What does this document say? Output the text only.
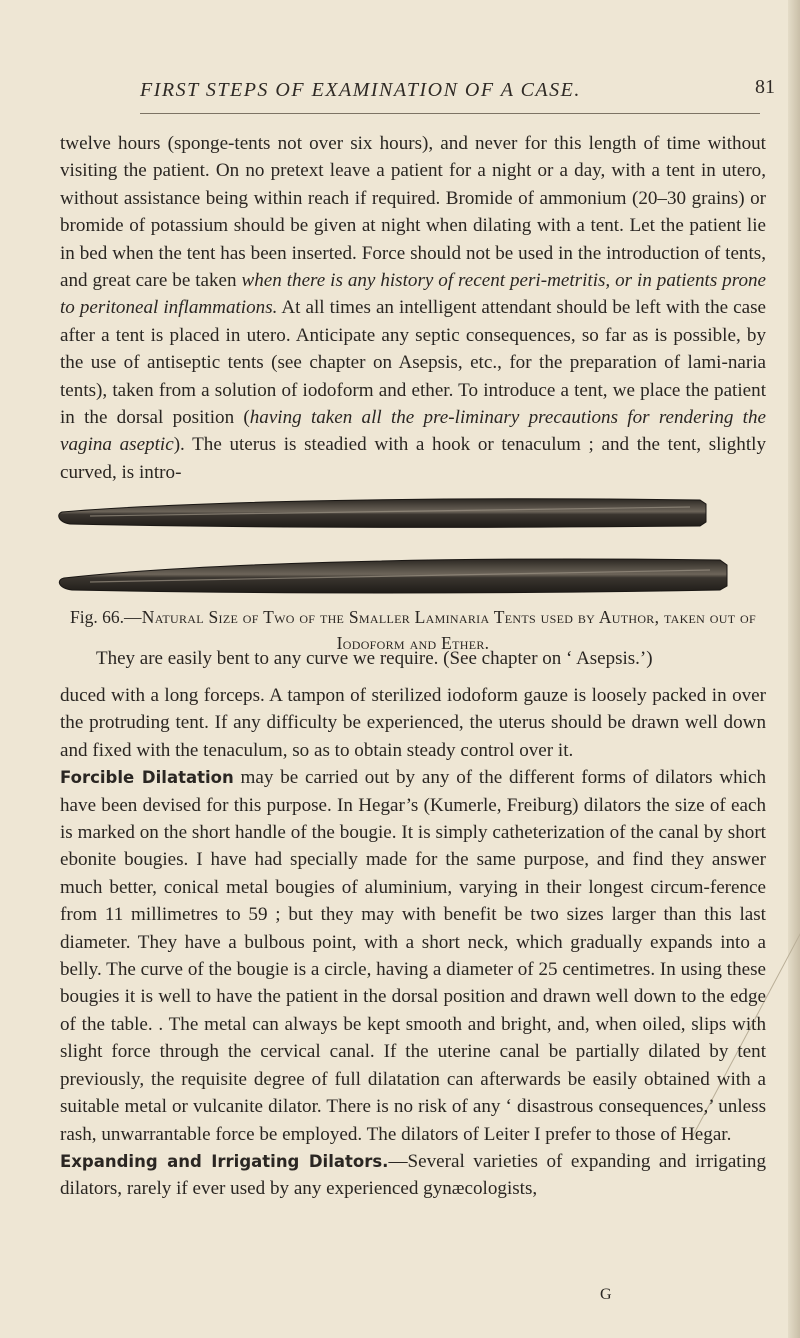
FIRST STEPS OF EXAMINATION OF A CASE.	81

twelve hours (sponge-tents not over six hours), and never for this length of time without visiting the patient. On no pretext leave a patient for a night or a day, with a tent in utero, without assistance being within reach if required. Bromide of ammonium (20–30 grains) or bromide of potassium should be given at night when dilating with a tent. Let the patient lie in bed when the tent has been inserted. Force should not be used in the introduction of tents, and great care be taken when there is any history of recent peri-metritis, or in patients prone to peritoneal inflammations. At all times an intelligent attendant should be left with the case after a tent is placed in utero. Anticipate any septic consequences, so far as is possible, by the use of antiseptic tents (see chapter on Asepsis, etc., for the preparation of lami-naria tents), taken from a solution of iodoform and ether. To introduce a tent, we place the patient in the dorsal position (having taken all the pre-liminary precautions for rendering the vagina aseptic). The uterus is steadied with a hook or tenaculum ; and the tent, slightly curved, is intro-

Fig. 66.—Natural Size of Two of the Smaller Laminaria Tents used by Author, taken out of Iodoform and Ether.
They are easily bent to any curve we require. (See chapter on ‘ Asepsis.’)

duced with a long forceps. A tampon of sterilized iodoform gauze is loosely packed in over the protruding tent. If any difficulty be experienced, the uterus should be drawn well down and fixed with the tenaculum, so as to obtain steady control over it.

Forcible Dilatation may be carried out by any of the different forms of dilators which have been devised for this purpose. In Hegar’s (Kumerle, Freiburg) dilators the size of each is marked on the short handle of the bougie. It is simply catheterization of the canal by short ebonite bougies. I have had specially made for the same purpose, and find they answer much better, conical metal bougies of aluminium, varying in their longest circum-ference from 11 millimetres to 59 ; but they may with benefit be two sizes larger than this last diameter. They have a bulbous point, with a short neck, which gradually expands into a belly. The curve of the bougie is a circle, having a diameter of 25 centimetres. In using these bougies it is well to have the patient in the dorsal position and drawn well down to the edge of the table. . The metal can always be kept smooth and bright, and, when oiled, slips with slight force through the cervical canal. If the uterine canal be partially dilated by tent previously, the requisite degree of full dilatation can afterwards be easily obtained with a suitable metal or vulcanite dilator. There is no risk of any ‘ disastrous consequences,’ unless rash, unwarrantable force be employed. The dilators of Leiter I prefer to those of Hegar.

Expanding and Irrigating Dilators.—Several varieties of expanding and irrigating dilators, rarely if ever used by any experienced gynæcologists,

G
